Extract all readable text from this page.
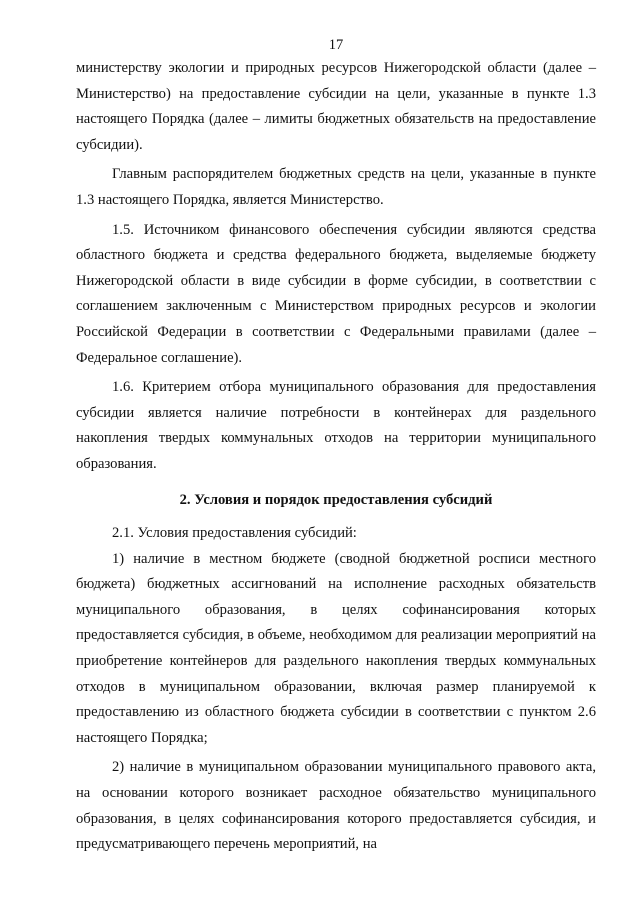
17

министерству экологии и природных ресурсов Нижегородской области (далее – Министерство) на предоставление субсидии на цели, указанные в пункте 1.3 настоящего Порядка (далее – лимиты бюджетных обязательств на предоставление субсидии).

Главным распорядителем бюджетных средств на цели, указанные в пункте 1.3 настоящего Порядка, является Министерство.

1.5. Источником финансового обеспечения субсидии являются средства областного бюджета и средства федерального бюджета, выделяемые бюджету Нижегородской области в виде субсидии в форме субсидии, в соответствии с соглашением заключенным с Министерством природных ресурсов и экологии Российской Федерации в соответствии с Федеральными правилами (далее – Федеральное соглашение).

1.6. Критерием отбора муниципального образования для предоставления субсидии является наличие потребности в контейнерах для раздельного накопления твердых коммунальных отходов на территории муниципального образования.

2. Условия и порядок предоставления субсидий

2.1. Условия предоставления субсидий:

1) наличие в местном бюджете (сводной бюджетной росписи местного бюджета) бюджетных ассигнований на исполнение расходных обязательств муниципального образования, в целях софинансирования которых предоставляется субсидия, в объеме, необходимом для реализации мероприятий на приобретение контейнеров для раздельного накопления твердых коммунальных отходов в муниципальном образовании, включая размер планируемой к предоставлению из областного бюджета субсидии в соответствии с пунктом 2.6 настоящего Порядка;

2) наличие в муниципальном образовании муниципального правового акта, на основании которого возникает расходное обязательство муниципального образования, в целях софинансирования которого предоставляется субсидия, и предусматривающего перечень мероприятий, на
